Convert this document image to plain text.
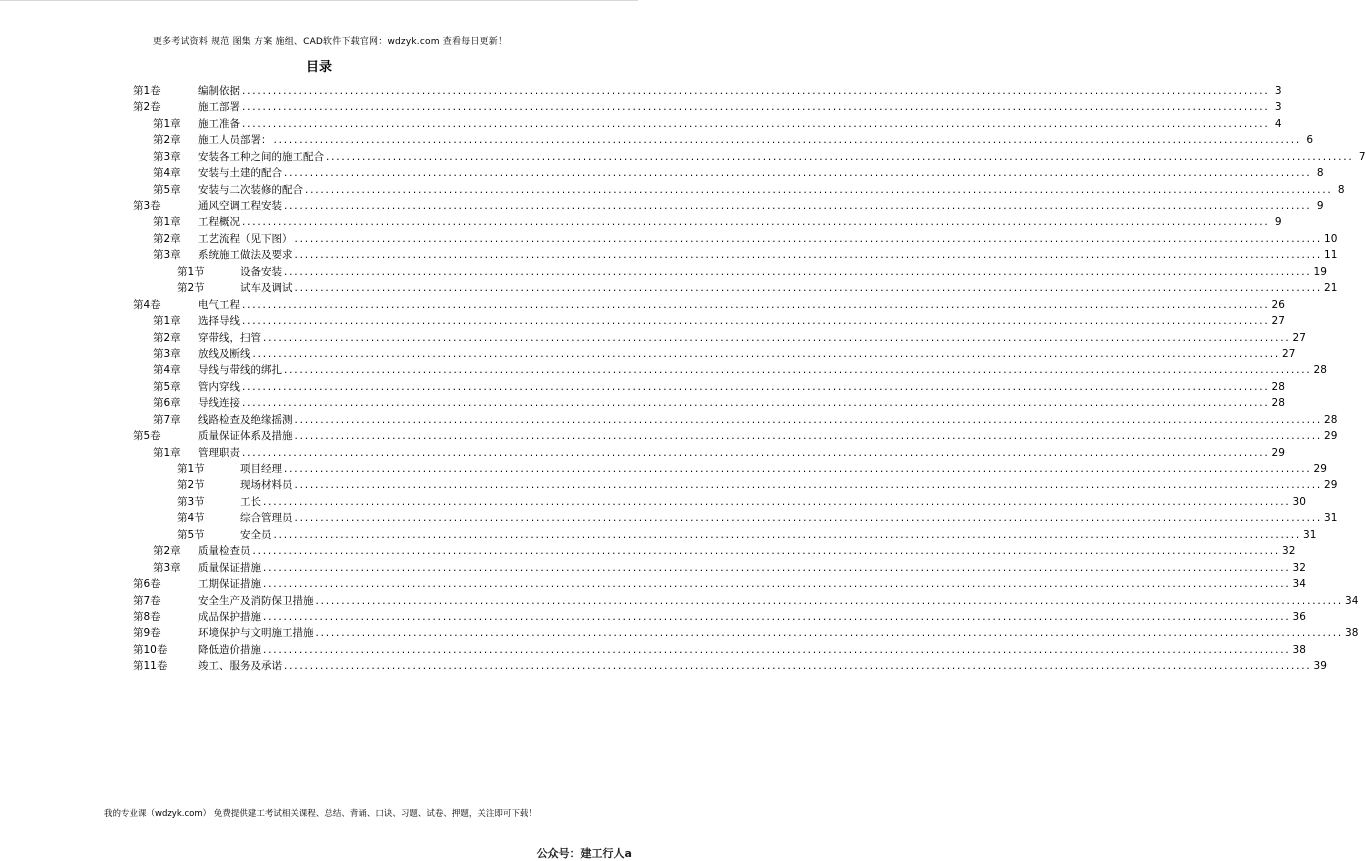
更多考试资料 规范 图集 方案 施组、CAD软件下载官网：wdzyk.com 查看每日更新！
目录
第1卷	编制依据 ........................................................................................................................................................................................................ 3
第2卷	施工部署 ........................................................................................................................................................................................................ 3
第1章	施工准备 ........................................................................................................................................................................................................ 4
第2章	施工人员部署： ........................................................................................................................................................................................................ 6
第3章	安装各工种之间的施工配合 ........................................................................................................................................................................................................ 7
第4章	安装与土建的配合 ........................................................................................................................................................................................................ 8
第5章	安装与二次装修的配合 ........................................................................................................................................................................................................ 8
第3卷	通风空调工程安装 ........................................................................................................................................................................................................ 9
第1章	工程概况 ........................................................................................................................................................................................................ 9
第2章	工艺流程（见下图） ........................................................................................................................................................................................................ 10
第3章	系统施工做法及要求 ........................................................................................................................................................................................................ 11
第1节	设备安装 ........................................................................................................................................................................................................ 19
第2节	试车及调试 ........................................................................................................................................................................................................ 21
第4卷	电气工程 ........................................................................................................................................................................................................ 26
第1章	选择导线 ........................................................................................................................................................................................................ 27
第2章	穿带线，扫管 ........................................................................................................................................................................................................ 27
第3章	放线及断线 ........................................................................................................................................................................................................ 27
第4章	导线与带线的绑扎 ........................................................................................................................................................................................................ 28
第5章	管内穿线 ........................................................................................................................................................................................................ 28
第6章	导线连接 ........................................................................................................................................................................................................ 28
第7章	线路检查及绝缘摇测 ........................................................................................................................................................................................................ 28
第5卷	质量保证体系及措施 ........................................................................................................................................................................................................ 29
第1章	管理职责 ........................................................................................................................................................................................................ 29
第1节	项目经理 ........................................................................................................................................................................................................ 29
第2节	现场材料员 ........................................................................................................................................................................................................ 29
第3节	工长 ........................................................................................................................................................................................................ 30
第4节	综合管理员 ........................................................................................................................................................................................................ 31
第5节	安全员 ........................................................................................................................................................................................................ 31
第2章	质量检查员 ........................................................................................................................................................................................................ 32
第3章	质量保证措施 ........................................................................................................................................................................................................ 32
第6卷	工期保证措施 ........................................................................................................................................................................................................ 34
第7卷	安全生产及消防保卫措施 ........................................................................................................................................................................................................ 34
第8卷	成品保护措施 ........................................................................................................................................................................................................ 36
第9卷	环境保护与文明施工措施 ........................................................................................................................................................................................................ 38
第10卷	降低造价措施 ........................................................................................................................................................................................................ 38
第11卷	竣工、服务及承诺 ........................................................................................................................................................................................................ 39
我的专业课（wdzyk.com） 免费提供建工考试相关课程、总结、背诵、口诀、习题、试卷、押题，关注即可下载！
公众号：建工行人a
